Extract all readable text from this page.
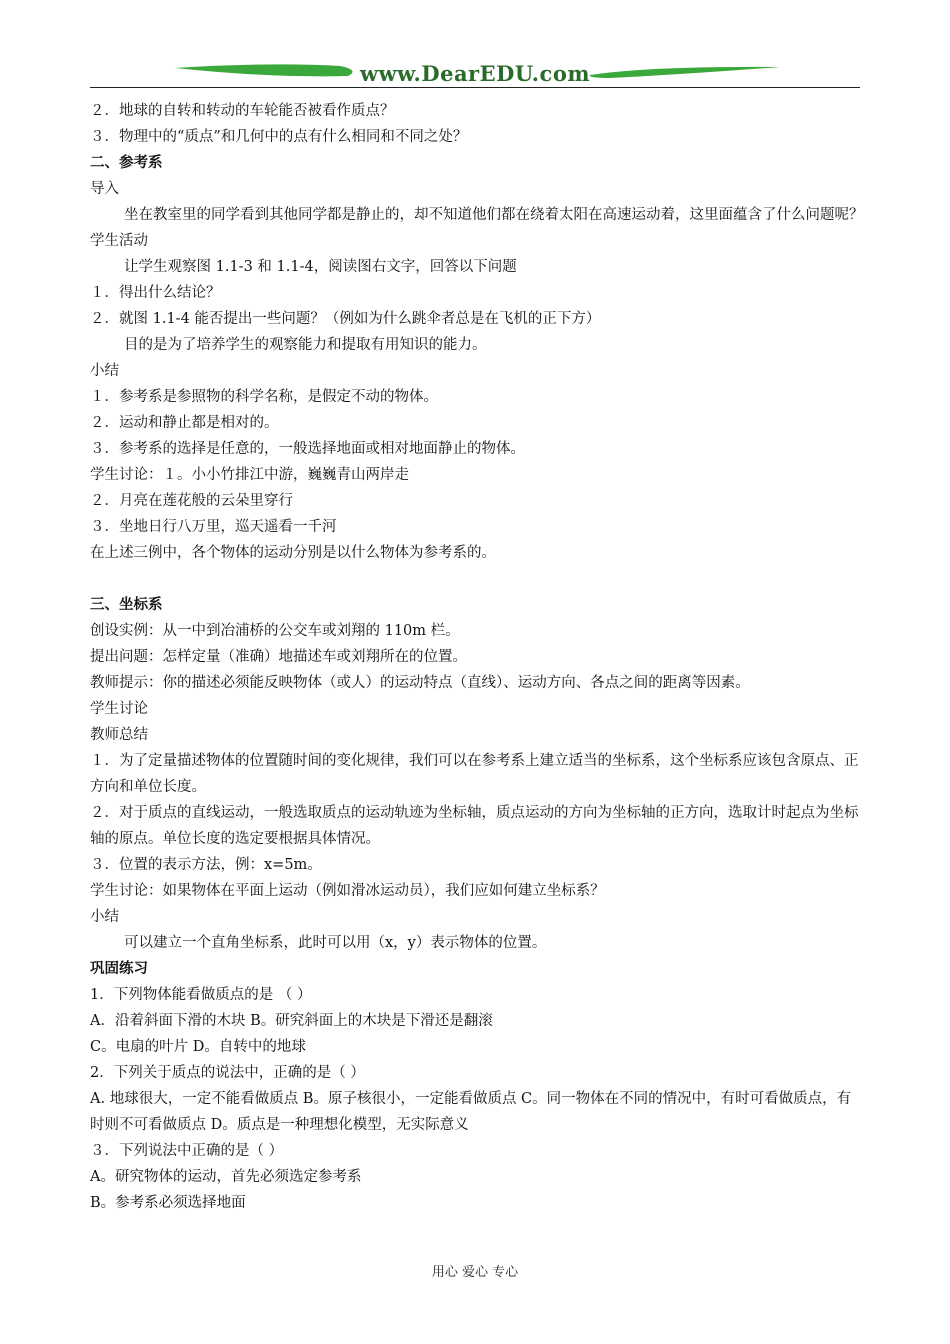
www.DearEDU.com
２．地球的自转和转动的车轮能否被看作质点？
３．物理中的“质点”和几何中的点有什么相同和不同之处？
二、参考系
导入
坐在教室里的同学看到其他同学都是静止的，却不知道他们都在绕着太阳在高速运动着，这里面蕴含了什么问题呢？
学生活动
让学生观察图 1.1-3 和 1.1-4，阅读图右文字，回答以下问题
１．得出什么结论？
２．就图 1.1-4 能否提出一些问题？（例如为什么跳伞者总是在飞机的正下方）
目的是为了培养学生的观察能力和提取有用知识的能力。
小结
１．参考系是参照物的科学名称，是假定不动的物体。
２．运动和静止都是相对的。
３．参考系的选择是任意的，一般选择地面或相对地面静止的物体。
学生讨论：１。小小竹排江中游，巍巍青山两岸走
２．月亮在莲花般的云朵里穿行
３．坐地日行八万里，巡天遥看一千河
在上述三例中，各个物体的运动分别是以什么物体为参考系的。
三、坐标系
创设实例：从一中到冶浦桥的公交车或刘翔的 110m 栏。
提出问题：怎样定量（准确）地描述车或刘翔所在的位置。
教师提示：你的描述必须能反映物体（或人）的运动特点（直线）、运动方向、各点之间的距离等因素。
学生讨论
教师总结
１．为了定量描述物体的位置随时间的变化规律，我们可以在参考系上建立适当的坐标系，这个坐标系应该包含原点、正方向和单位长度。
２．对于质点的直线运动，一般选取质点的运动轨迹为坐标轴，质点运动的方向为坐标轴的正方向，选取计时起点为坐标轴的原点。单位长度的选定要根据具体情况。
３．位置的表示方法，例：x=5m。
学生讨论：如果物体在平面上运动（例如滑冰运动员），我们应如何建立坐标系？
小结
可以建立一个直角坐标系，此时可以用（x，y）表示物体的位置。
巩固练习
1．下列物体能看做质点的是 （ ）
A．沿着斜面下滑的木块 B。研究斜面上的木块是下滑还是翻滚
C。电扇的叶片 D。自转中的地球
2．下列关于质点的说法中，正确的是（ ）
A. 地球很大，一定不能看做质点 B。原子核很小，一定能看做质点 C。同一物体在不同的情况中，有时可看做质点，有时则不可看做质点 D。质点是一种理想化模型，无实际意义
３．下列说法中正确的是（ ）
A。研究物体的运动，首先必须选定参考系
B。参考系必须选择地面
用心 爱心 专心
